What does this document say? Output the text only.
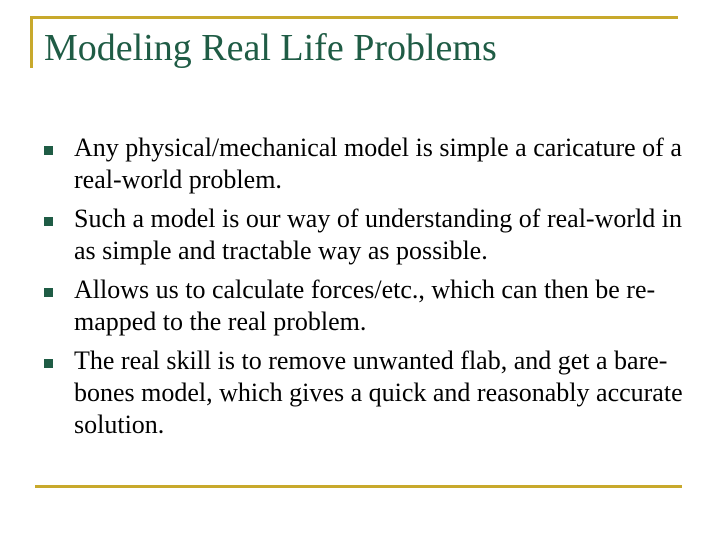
Modeling Real Life Problems
Any physical/mechanical model is simple a caricature of a real-world problem.
Such a model is our way of understanding of real-world in as simple and tractable way as possible.
Allows us to calculate forces/etc., which can then be re-mapped to the real problem.
The real skill is to remove unwanted flab, and get a bare-bones model, which gives a quick and reasonably accurate solution.
